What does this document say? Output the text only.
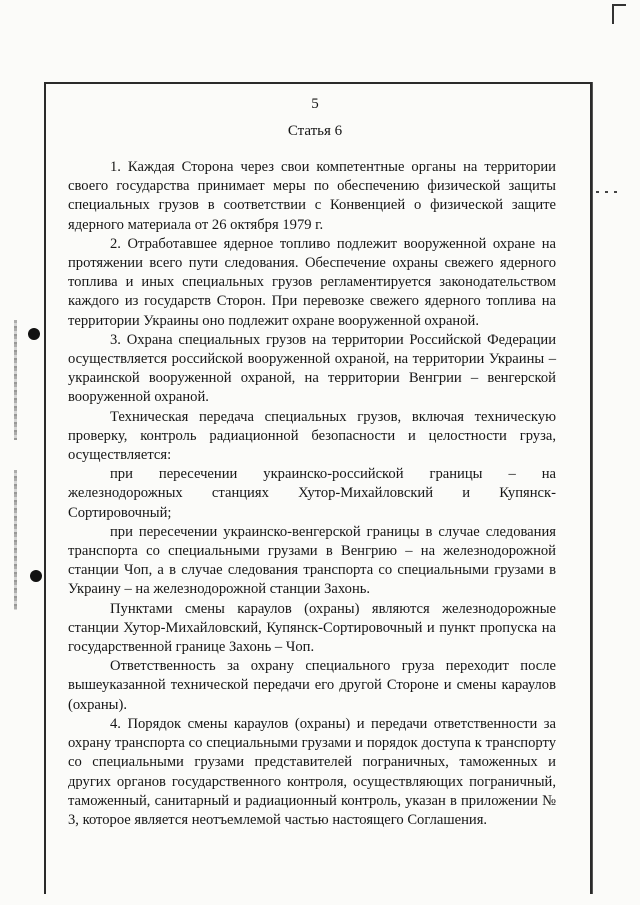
5
Статья 6

1. Каждая Сторона через свои компетентные органы на территории своего государства принимает меры по обеспечению физической защиты специальных грузов в соответствии с Конвенцией о физической защите ядерного материала от 26 октября 1979 г.

2. Отработавшее ядерное топливо подлежит вооруженной охране на протяжении всего пути следования. Обеспечение охраны свежего ядерного топлива и иных специальных грузов регламентируется законодательством каждого из государств Сторон. При перевозке свежего ядерного топлива на территории Украины оно подлежит охране вооруженной охраной.

3. Охрана специальных грузов на территории Российской Федерации осуществляется российской вооруженной охраной, на территории Украины – украинской вооруженной охраной, на территории Венгрии – венгерской вооруженной охраной.

Техническая передача специальных грузов, включая техническую проверку, контроль радиационной безопасности и целостности груза, осуществляется:

при пересечении украинско-российской границы – на железнодорожных станциях Хутор-Михайловский и Купянск-Сортировочный;

при пересечении украинско-венгерской границы в случае следования транспорта со специальными грузами в Венгрию – на железнодорожной станции Чоп, а в случае следования транспорта со специальными грузами в Украину – на железнодорожной станции Захонь.

Пунктами смены караулов (охраны) являются железнодорожные станции Хутор-Михайловский, Купянск-Сортировочный и пункт пропуска на государственной границе Захонь – Чоп.

Ответственность за охрану специального груза переходит после вышеуказанной технической передачи его другой Стороне и смены караулов (охраны).

4. Порядок смены караулов (охраны) и передачи ответственности за охрану транспорта со специальными грузами и порядок доступа к транспорту со специальными грузами представителей пограничных, таможенных и других органов государственного контроля, осуществляющих пограничный, таможенный, санитарный и радиационный контроль, указан в приложении № 3, которое является неотъемлемой частью настоящего Соглашения.
